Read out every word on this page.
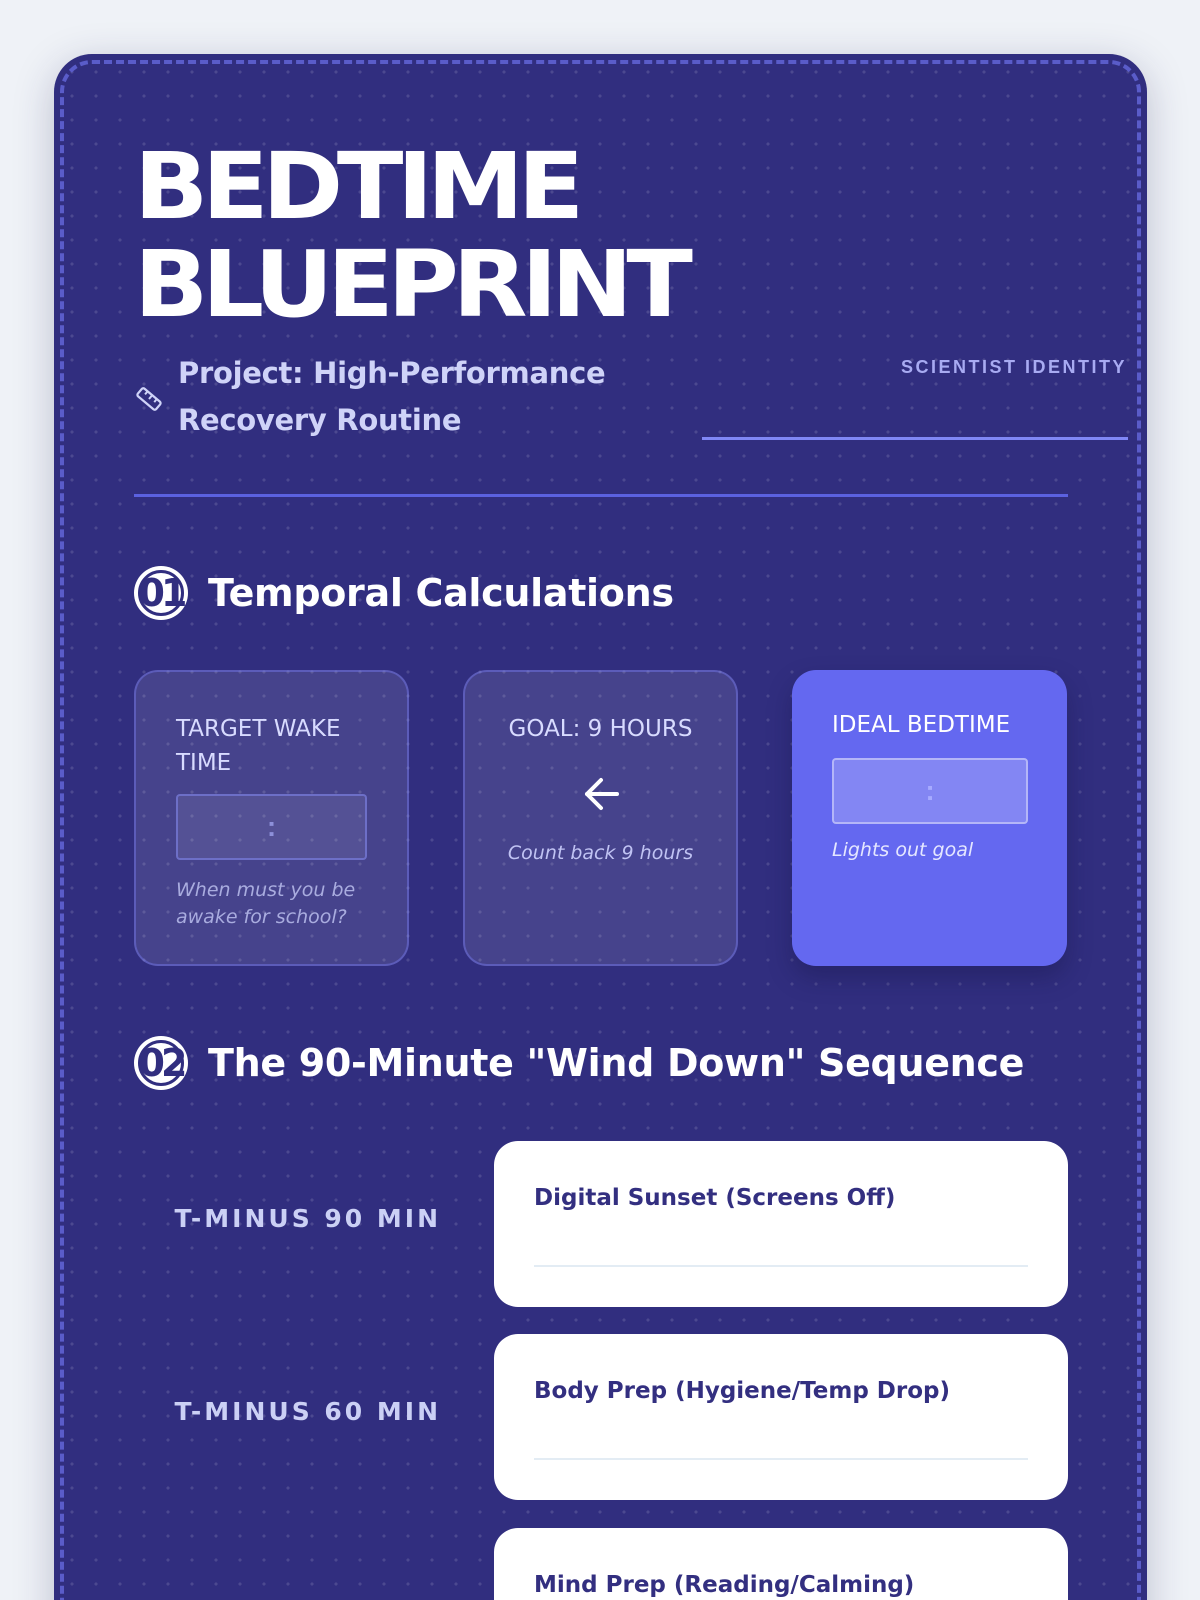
BEDTIME
BLUEPRINT
Project: High-Performance Recovery Routine
SCIENTIST IDENTITY
01 Temporal Calculations
TARGET WAKE TIME
:
When must you be awake for school?
GOAL: 9 HOURS
Count back 9 hours
IDEAL BEDTIME
:
Lights out goal
02 The 90-Minute "Wind Down" Sequence
T-MINUS 90 MIN
Digital Sunset (Screens Off)
T-MINUS 60 MIN
Body Prep (Hygiene/Temp Drop)
Mind Prep (Reading/Calming)
